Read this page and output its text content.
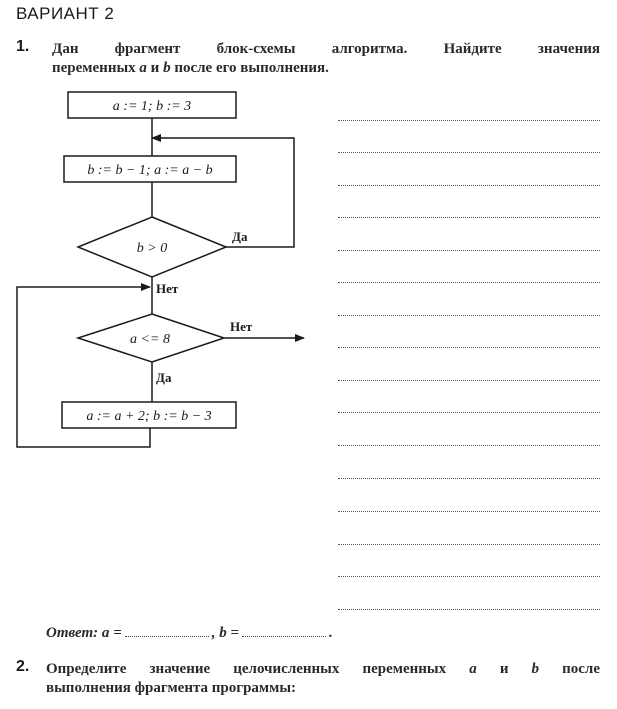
ВАРИАНТ 2
1. Дан фрагмент блок-схемы алгоритма. Найдите значения
переменных a и b после его выполнения.
a := 1; b := 3
b := b − 1; a := a − b
b > 0
a <= 8
a := a + 2; b := b − 3
Да
Нет
Нет
Да
Ответ: a =	, b =	.
2. Определите значение целочисленных переменных a и b после
выполнения фрагмента программы:
